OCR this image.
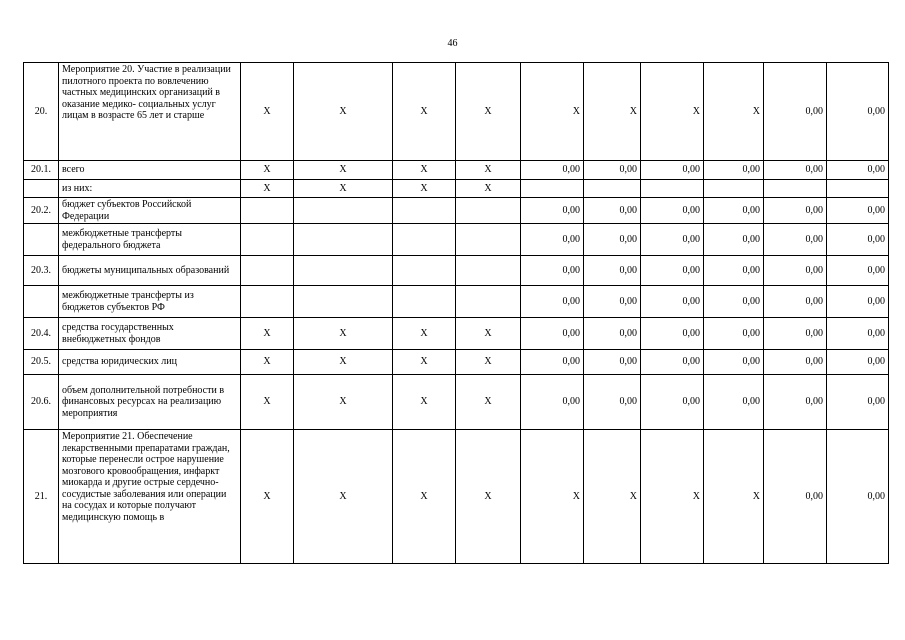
46
20.	Мероприятие 20. Участие в реализации пилотного проекта по вовлечению частных медицинских организаций в оказание медико- социальных услуг лицам в возрасте 65 лет и старше	X	X	X	X	X	X	X	X	0,00	0,00
20.1.	всего	X	X	X	X	0,00	0,00	0,00	0,00	0,00	0,00
	из них:	X	X	X	X						
20.2.	бюджет субъектов Российской Федерации					0,00	0,00	0,00	0,00	0,00	0,00
	межбюджетные трансферты федерального бюджета					0,00	0,00	0,00	0,00	0,00	0,00
20.3.	бюджеты муниципальных образований					0,00	0,00	0,00	0,00	0,00	0,00
	межбюджетные трансферты из бюджетов субъектов РФ					0,00	0,00	0,00	0,00	0,00	0,00
20.4.	средства государственных внебюджетных фондов	X	X	X	X	0,00	0,00	0,00	0,00	0,00	0,00
20.5.	средства юридических лиц	X	X	X	X	0,00	0,00	0,00	0,00	0,00	0,00
20.6.	объем дополнительной потребности в финансовых ресурсах на реализацию мероприятия	X	X	X	X	0,00	0,00	0,00	0,00	0,00	0,00
21.	Мероприятие 21. Обеспечение лекарственными препаратами граждан, которые перенесли острое нарушение мозгового кровообращения, инфаркт миокарда и другие острые сердечно- сосудистые заболевания или операции на сосудах и которые получают медицинскую помощь в	X	X	X	X	X	X	X	X	0,00	0,00
